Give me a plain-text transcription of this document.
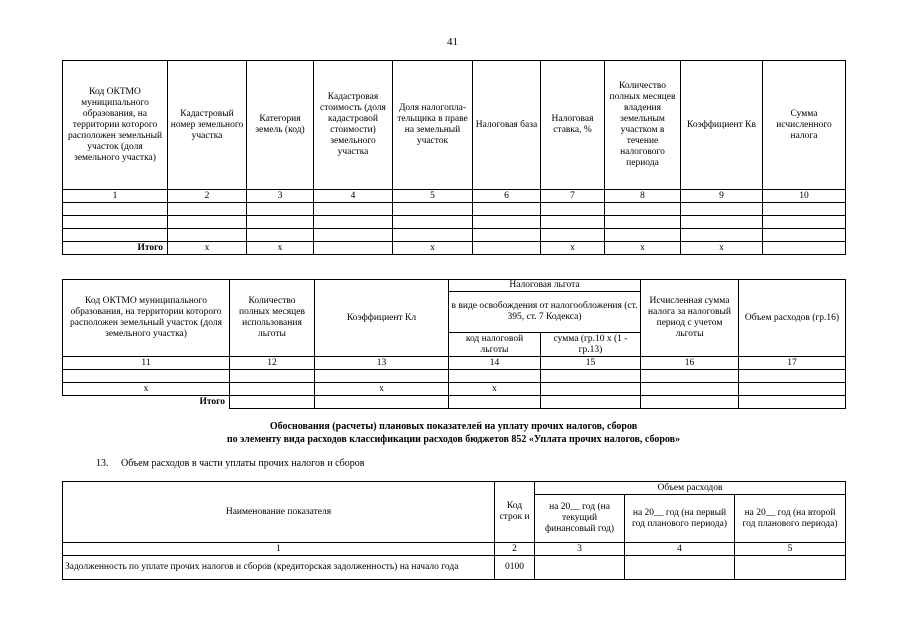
41
Код ОКТМО муниципального образования, на территории которого расположен земельный участок (доля земельного участка)	Кадастровый номер земельного участка	Категория земель (код)	Кадастровая стоимость (доля кадастровой стоимости) земельного участка	Доля налогопла-тельщика в праве на земельный участок	Налоговая база	Налоговая ставка, %	Количество полных месяцев владения земельным участком в течение налогового периода	Коэффициент Кв	Сумма исчисленного налога
1	2	3	4	5	6	7	8	9	10

Итого	x	x		x		x	x	x	
Код ОКТМО муниципального образования, на территории которого расположен земельный участок (доля земельного участка)	Количество полных месяцев использования льготы	Коэффициент Кл	Налоговая льгота		Исчисленная сумма налога за налоговый период с учетом льготы	Объем расходов (гр.16)
			в виде освобождения от налогообложения (ст. 395, ст. 7 Кодекса)			

			код налоговой льготы	сумма (гр.10 x (1 - гр.13)		
11	12	13	14	15	16	17

x		x	x			
Итого						
Обоснования (расчеты) плановых показателей на уплату прочих налогов, сборов
по элементу вида расходов классификации расходов бюджетов 852 «Уплата прочих налогов, сборов»
13. Объем расходов в части уплаты прочих налогов и сборов
Наименование показателя	Код строк и	Объем расходов		
		на 20__ год (на текущий финансовый год)	на 20__ год (на первый год планового периода)	на 20__ год (на второй год планового периода)
1	2	3	4	5
Задолженность по уплате прочих налогов и сборов (кредиторская задолженность) на начало года	0100			
